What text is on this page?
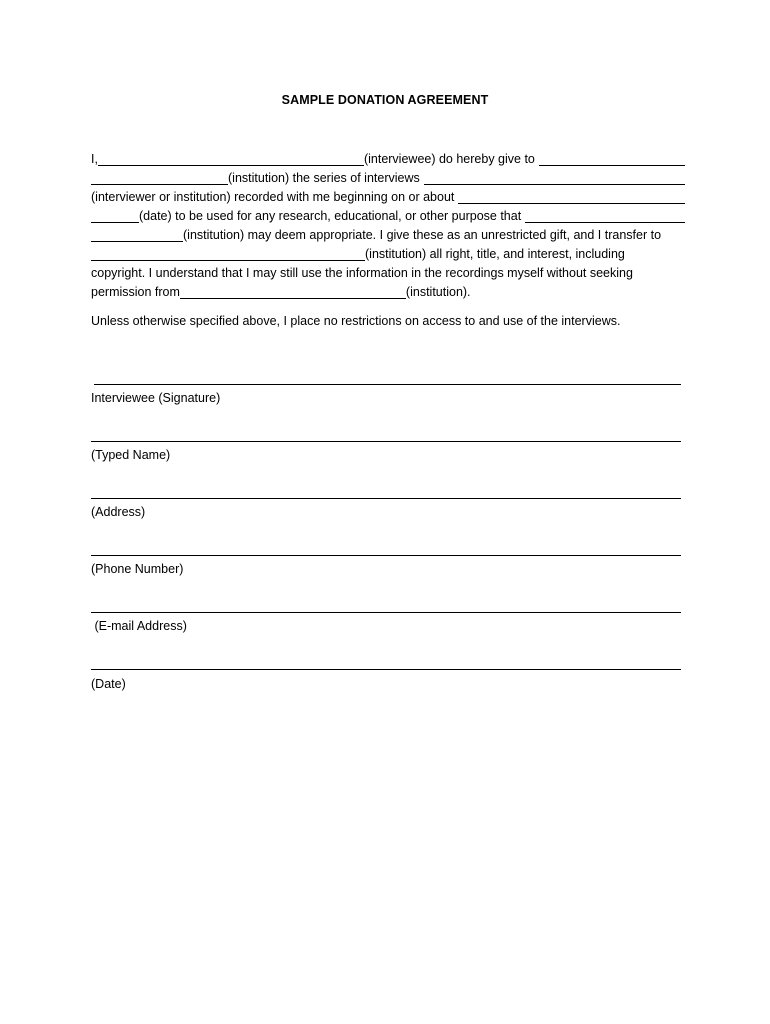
SAMPLE DONATION AGREEMENT
I,	(interviewee) do hereby give to
(institution) the series of interviews
(interviewer or institution) recorded with me beginning on or about
(date) to be used for any research, educational, or other purpose that
(institution) may deem appropriate. I give these as an unrestricted gift, and I transfer to
(institution) all right, title, and interest, including
copyright. I understand that I may still use the information in the recordings myself without seeking
permission from	(institution).
Unless otherwise specified above, I place no restrictions on access to and use of the interviews.
Interviewee (Signature)
(Typed Name)
(Address)
(Phone Number)
(E-mail Address)
(Date)
